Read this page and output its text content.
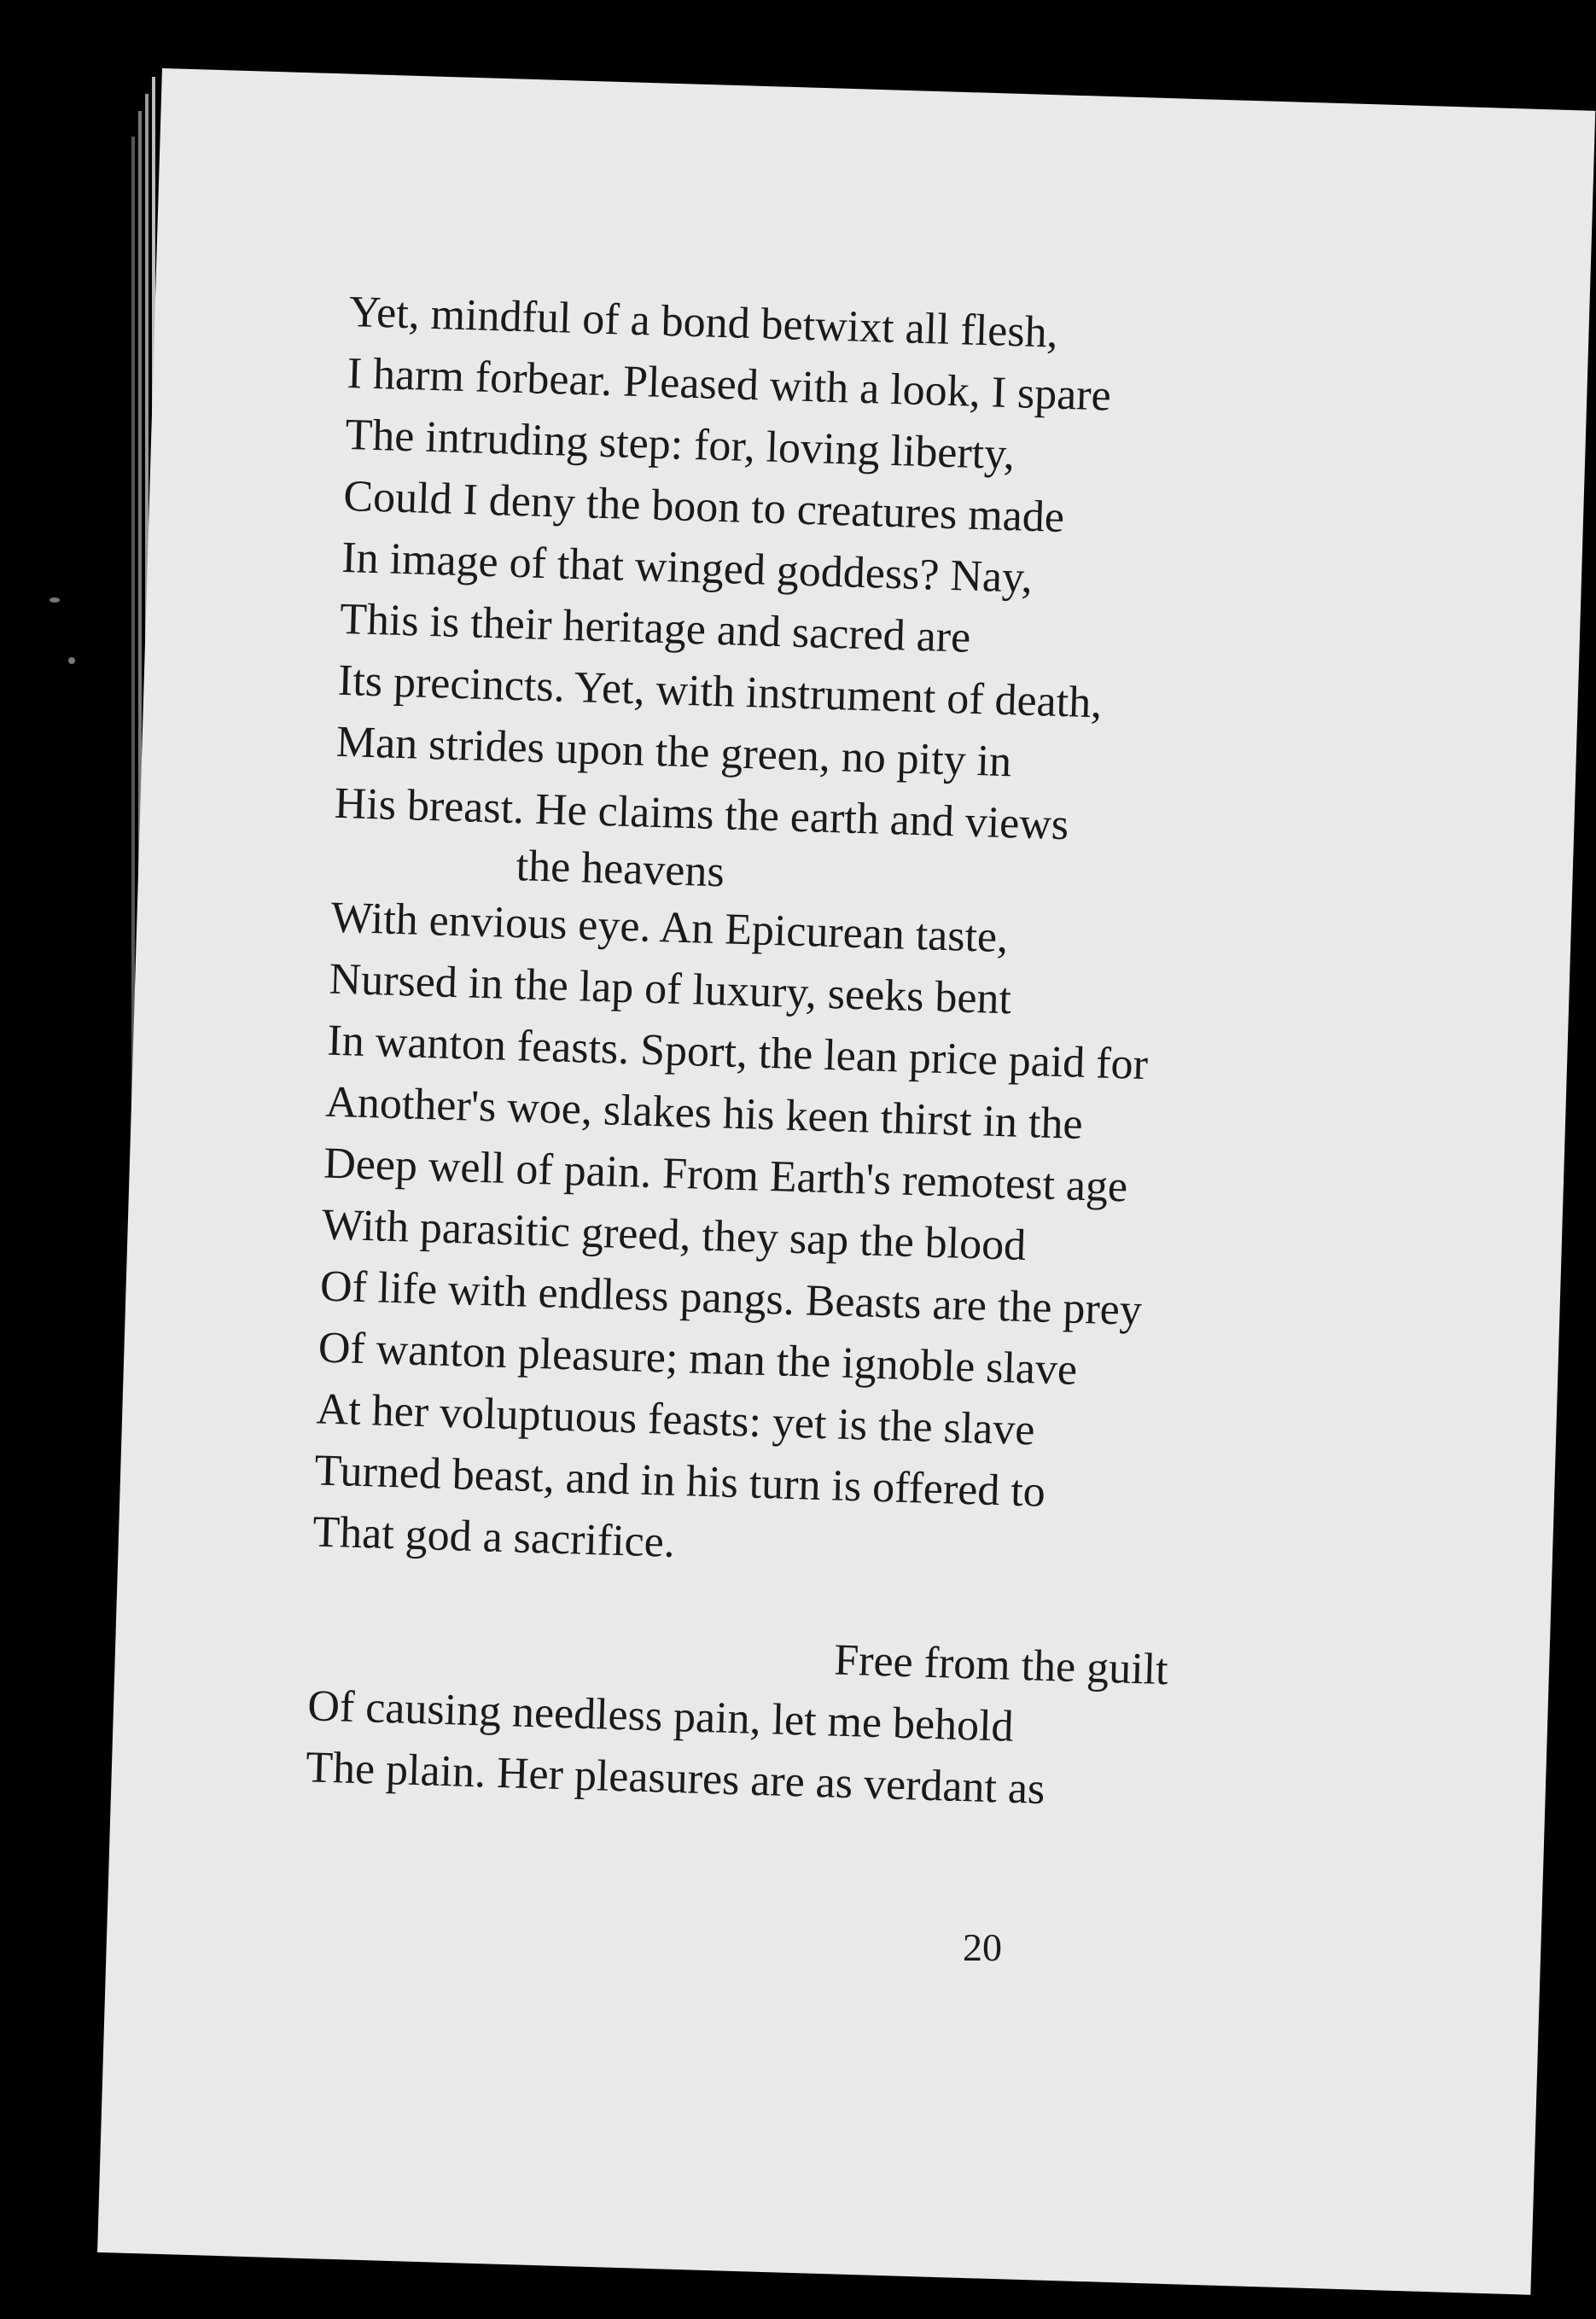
Yet, mindful of a bond betwixt all flesh,
I harm forbear. Pleased with a look, I spare
The intruding step: for, loving liberty,
Could I deny the boon to creatures made
In image of that winged goddess? Nay,
This is their heritage and sacred are
Its precincts. Yet, with instrument of death,
Man strides upon the green, no pity in
His breast. He claims the earth and views
the heavens
With envious eye. An Epicurean taste,
Nursed in the lap of luxury, seeks bent
In wanton feasts. Sport, the lean price paid for
Another's woe, slakes his keen thirst in the
Deep well of pain. From Earth's remotest age
With parasitic greed, they sap the blood
Of life with endless pangs. Beasts are the prey
Of wanton pleasure; man the ignoble slave
At her voluptuous feasts: yet is the slave
Turned beast, and in his turn is offered to
That god a sacrifice.
Free from the guilt
Of causing needless pain, let me behold
The plain. Her pleasures are as verdant as
20
